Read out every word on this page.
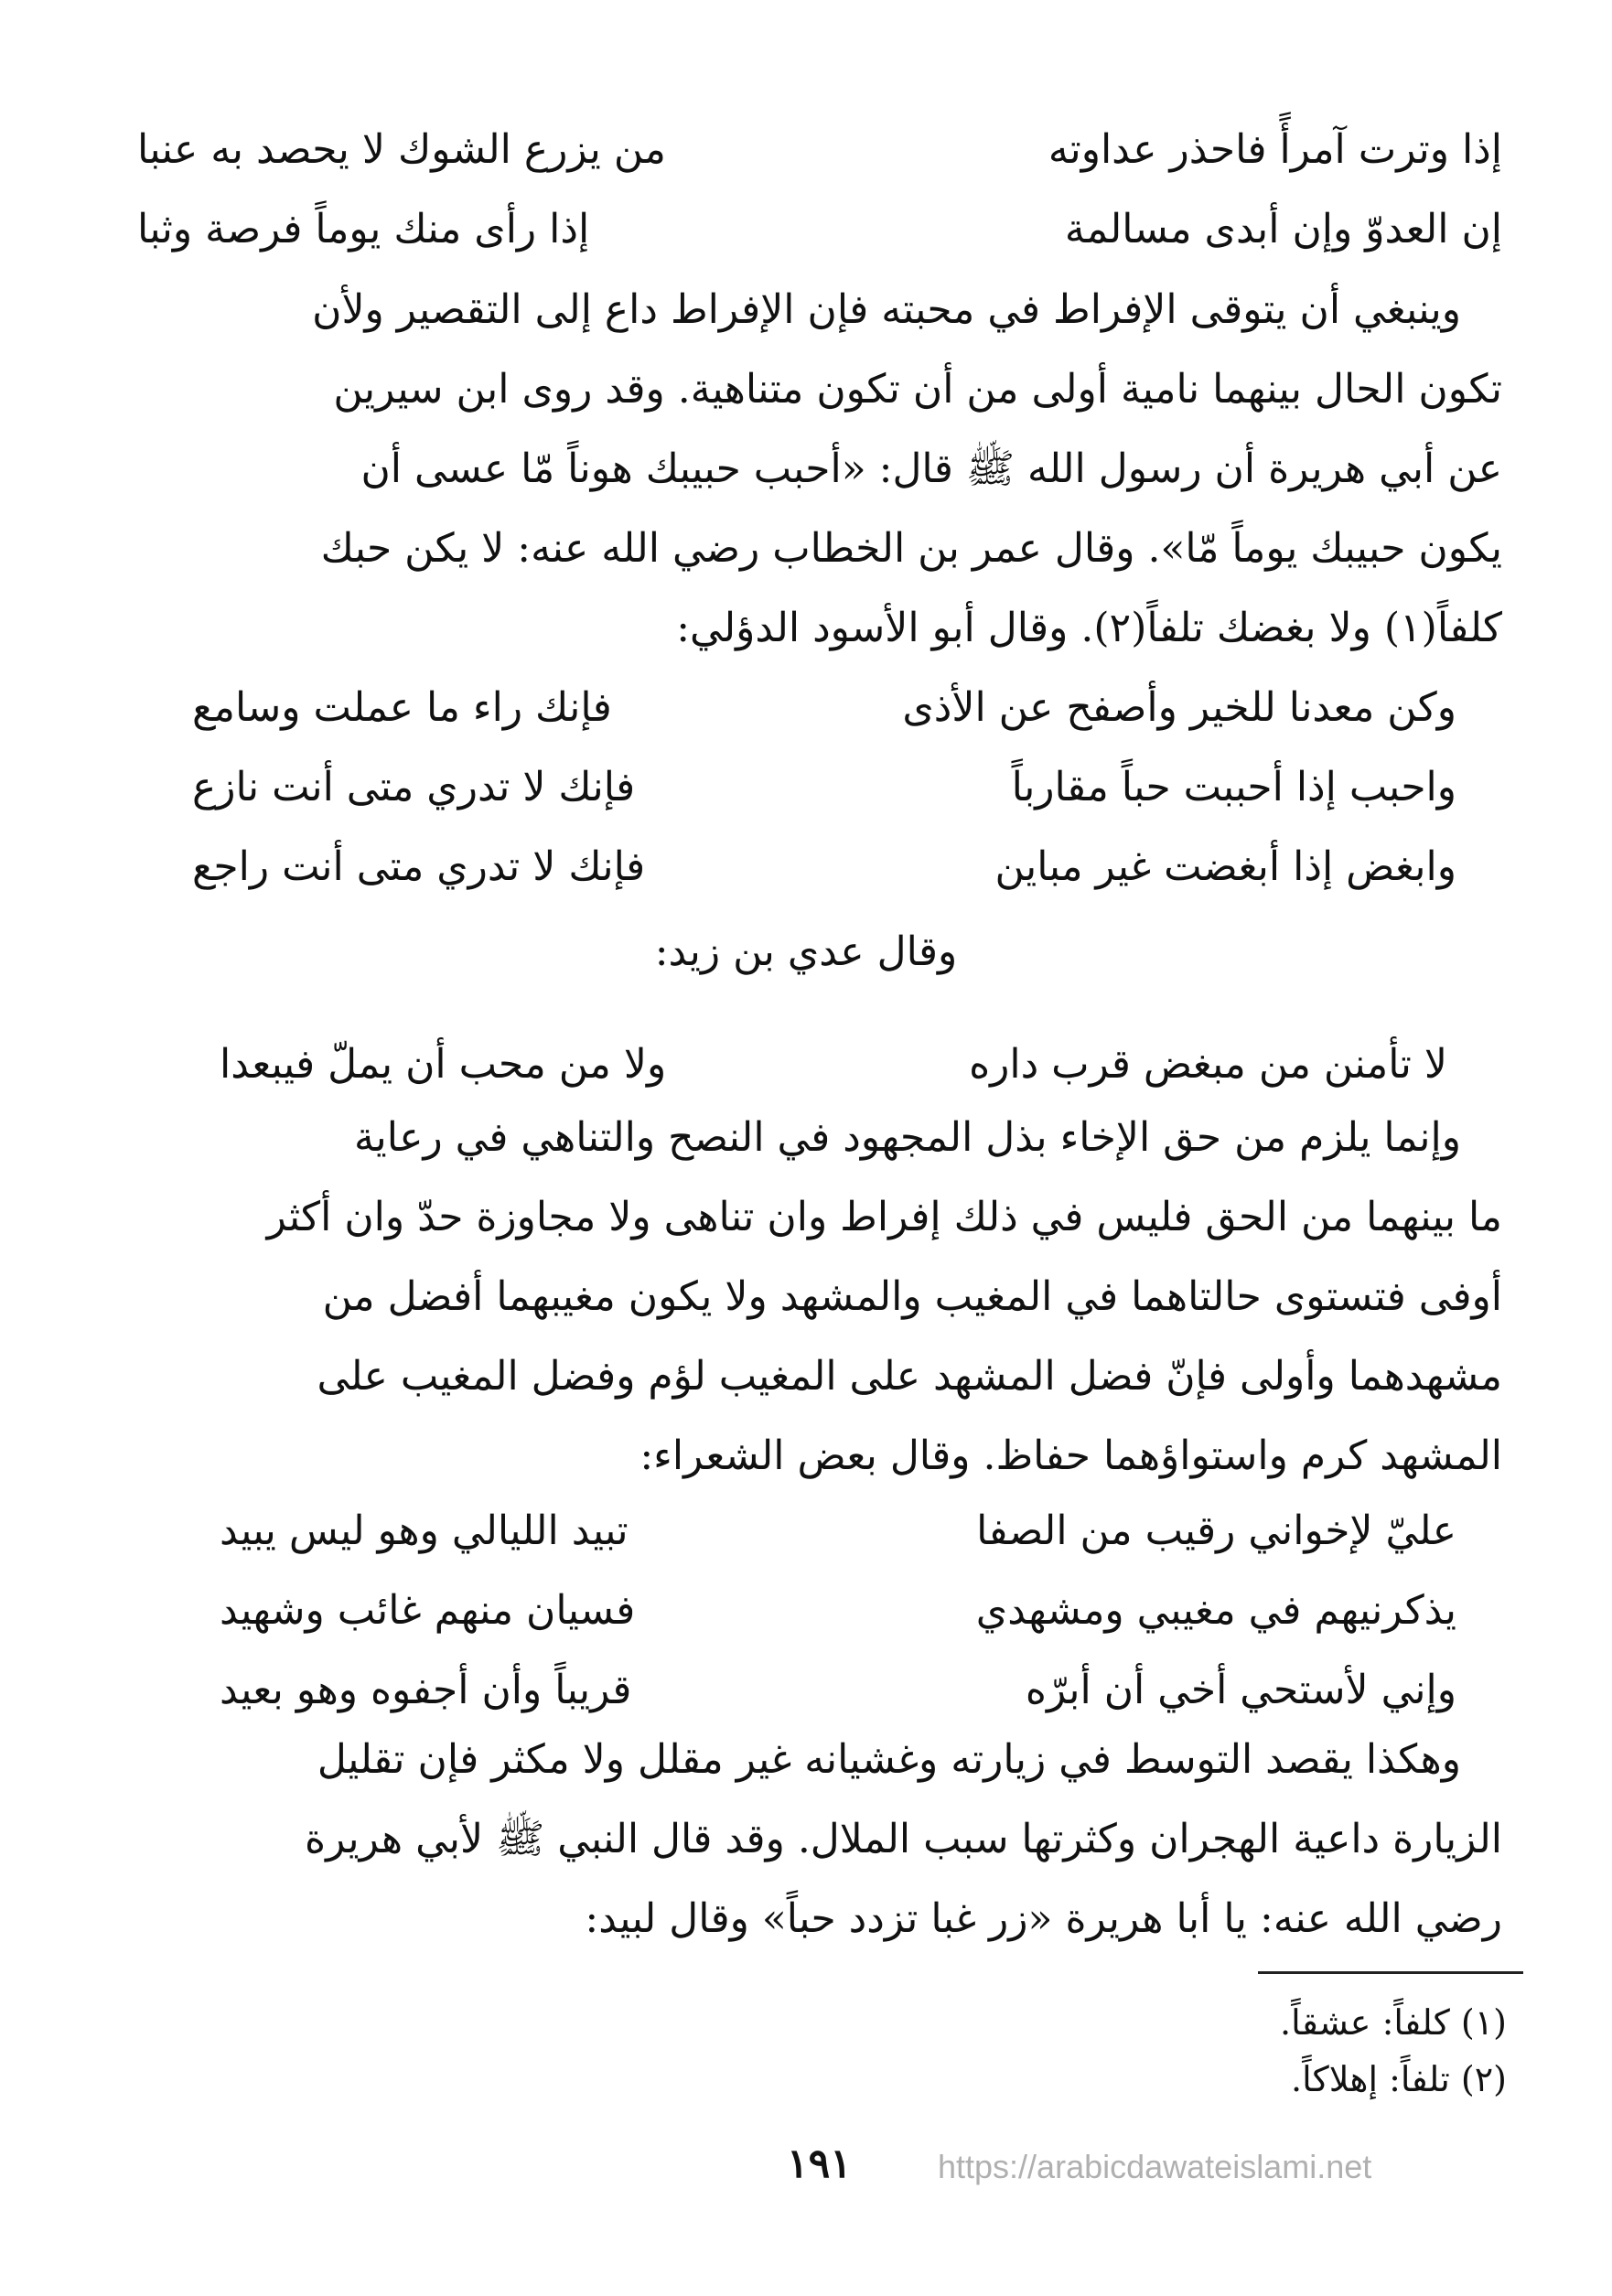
إذا وترت آمرأً فاحذر عداوته
من يزرع الشوك لا يحصد به عنبا
إن العدوّ وإن أبدى مسالمة
إذا رأى منك يوماً فرصة وثبا
وينبغي أن يتوقى الإفراط في محبته فإن الإفراط داع إلى التقصير ولأن
تكون الحال بينهما نامية أولى من أن تكون متناهية. وقد روى ابن سيرين
عن أبي هريرة أن رسول الله ﷺ قال: «أحبب حبيبك هوناً مّا عسى أن
يكون حبيبك يوماً مّا». وقال عمر بن الخطاب رضي الله عنه: لا يكن حبك
كلفاً(١) ولا بغضك تلفاً(٢). وقال أبو الأسود الدؤلي:
وكن معدنا للخير وأصفح عن الأذى
فإنك راء ما عملت وسامع
واحبب إذا أحببت حباً مقارباً
فإنك لا تدري متى أنت نازع
وابغض إذا أبغضت غير مباين
فإنك لا تدري متى أنت راجع
وقال عدي بن زيد:
لا تأمنن من مبغض قرب داره
ولا من محب أن يملّ فيبعدا
وإنما يلزم من حق الإخاء بذل المجهود في النصح والتناهي في رعاية
ما بينهما من الحق فليس في ذلك إفراط وان تناهى ولا مجاوزة حدّ وان أكثر
أوفى فتستوى حالتاهما في المغيب والمشهد ولا يكون مغيبهما أفضل من
مشهدهما وأولى فإنّ فضل المشهد على المغيب لؤم وفضل المغيب على
المشهد كرم واستواؤهما حفاظ. وقال بعض الشعراء:
عليّ لإخواني رقيب من الصفا
تبيد الليالي وهو ليس يبيد
يذكرنيهم في مغيبي ومشهدي
فسيان منهم غائب وشهيد
وإني لأستحي أخي أن أبرّه
قريباً وأن أجفوه وهو بعيد
وهكذا يقصد التوسط في زيارته وغشيانه غير مقلل ولا مكثر فإن تقليل
الزيارة داعية الهجران وكثرتها سبب الملال. وقد قال النبي ﷺ لأبي هريرة
رضي الله عنه: يا أبا هريرة «زر غبا تزدد حباً» وقال لبيد:
(١) كلفاً: عشقاً.
(٢) تلفاً: إهلاكاً.
١٩١	https://arabicdawateislami.net
